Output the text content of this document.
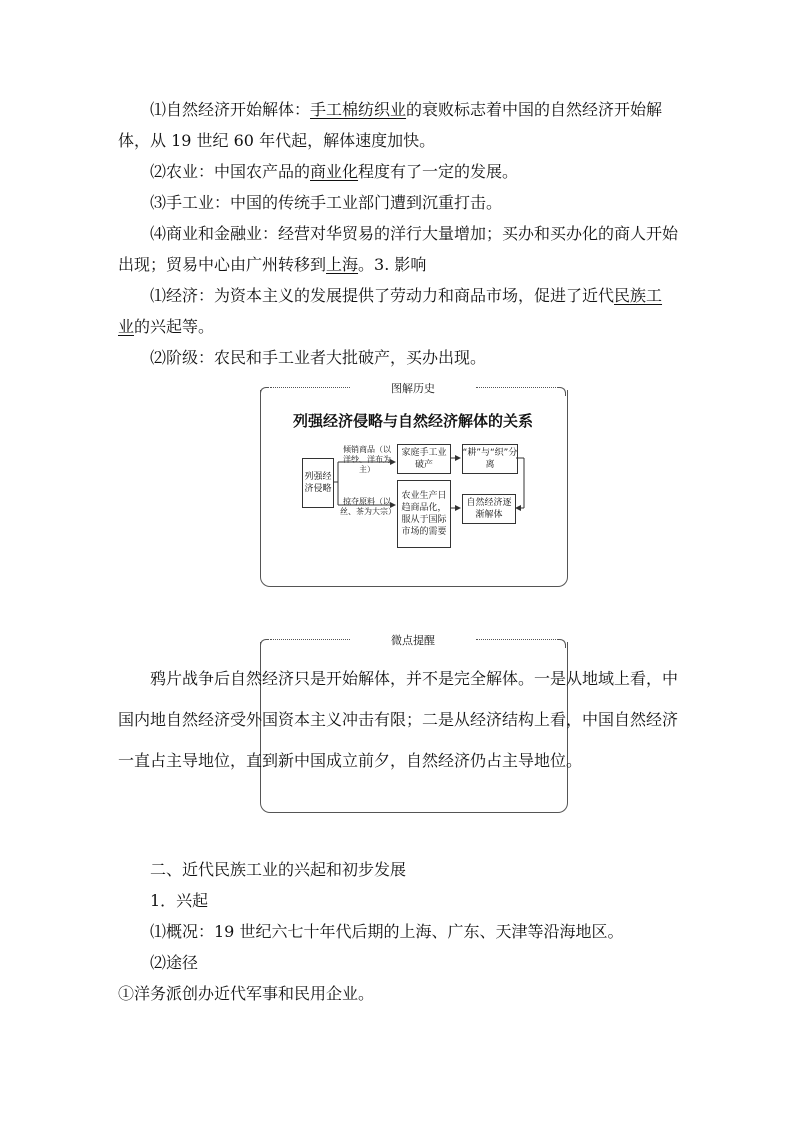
⑴自然经济开始解体：手工棉纺织业的衰败标志着中国的自然经济开始解体，从 19 世纪 60 年代起，解体速度加快。

⑵农业：中国农产品的商业化程度有了一定的发展。

⑶手工业：中国的传统手工业部门遭到沉重打击。

⑷商业和金融业：经营对华贸易的洋行大量增加；买办和买办化的商人开始出现；贸易中心由广州转移到上海。3. 影响

⑴经济：为资本主义的发展提供了劳动力和商品市场，促进了近代民族工业的兴起等。

⑵阶级：农民和手工业者大批破产，买办出现。

图解历史
列强经济侵略与自然经济解体的关系
列强经济侵略
倾销商品（以洋纱、洋布为主）
掠夺原料（以丝、茶为大宗）
家庭手工业破产
农业生产日趋商品化，服从于国际市场的需要
“耕”与“织”分离
自然经济逐渐解体
微点提醒

鸦片战争后自然经济只是开始解体，并不是完全解体。一是从地域上看，中国内地自然经济受外国资本主义冲击有限；二是从经济结构上看，中国自然经济一直占主导地位，直到新中国成立前夕，自然经济仍占主导地位。

二、近代民族工业的兴起和初步发展

1．兴起

⑴概况：19 世纪六七十年代后期的上海、广东、天津等沿海地区。

⑵途径

①洋务派创办近代军事和民用企业。
